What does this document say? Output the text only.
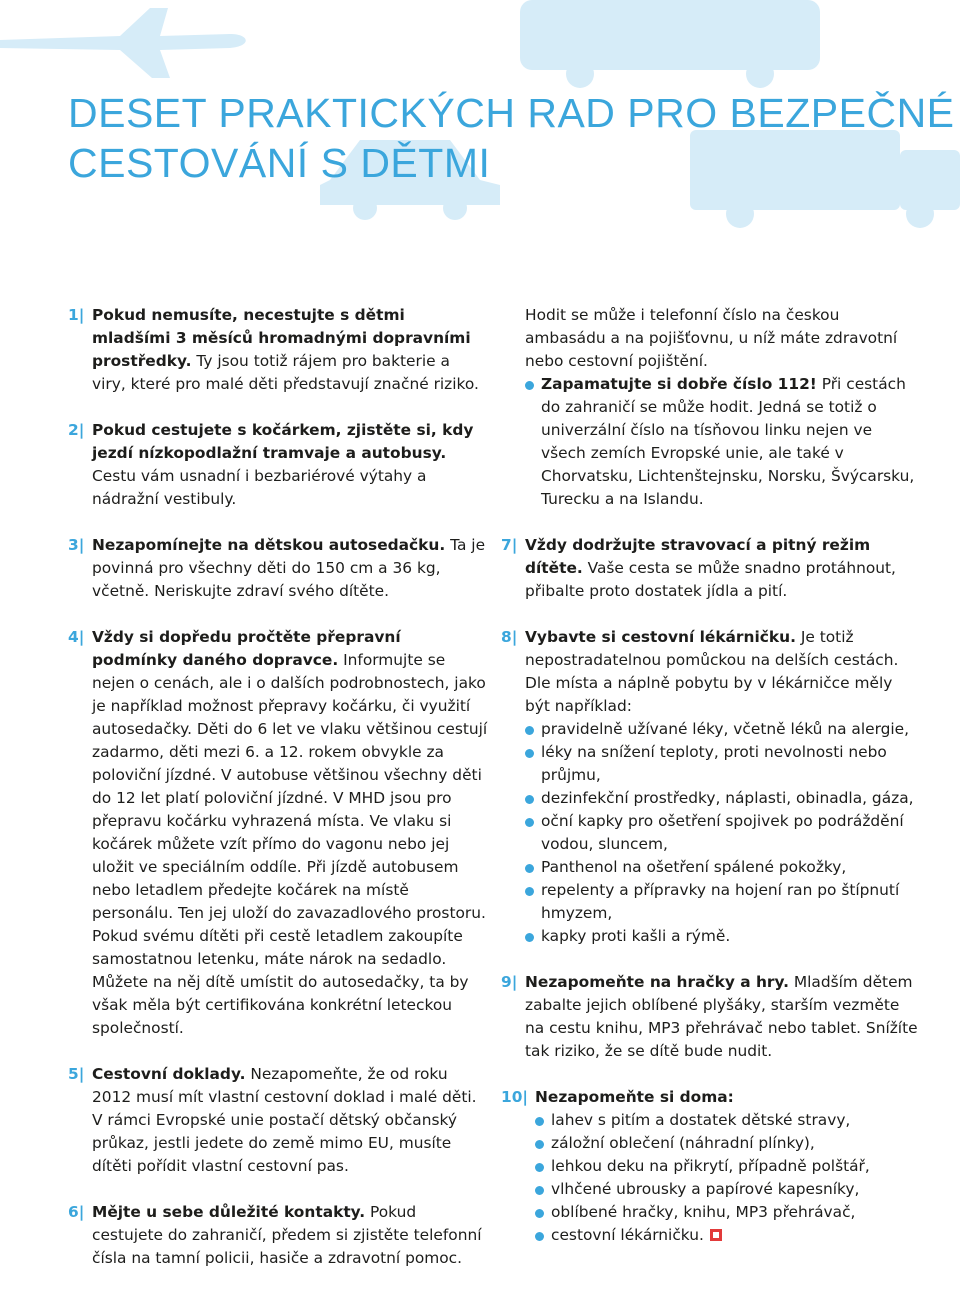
DESET PRAKTICKÝCH RAD PRO BEZPEČNÉ
CESTOVÁNÍ S DĚTMI
1| Pokud nemusíte, necestujte s dětmi mladšími 3 měsíců hromadnými dopravními prostředky. Ty jsou totiž rájem pro bakterie a viry, které pro malé děti představují značné riziko.

2| Pokud cestujete s kočárkem, zjistěte si, kdy jezdí nízkopodlažní tramvaje a autobusy. Cestu vám usnadní i bezbariérové výtahy a nádražní vestibuly.

3| Nezapomínejte na dětskou autosedačku. Ta je povinná pro všechny děti do 150 cm a 36 kg, včetně. Neriskujte zdraví svého dítěte.

4| Vždy si dopředu pročtěte přepravní podmínky daného dopravce. Informujte se nejen o cenách, ale i o dalších podrobnostech, jako je například možnost přepravy kočárku, či využití autosedačky. Děti do 6 let ve vlaku většinou cestují zadarmo, děti mezi 6. a 12. rokem obvykle za poloviční jízdné. V autobuse většinou všechny děti do 12 let platí poloviční jízdné. V MHD jsou pro přepravu kočárku vyhrazená místa. Ve vlaku si kočárek můžete vzít přímo do vagonu nebo jej uložit ve speciálním oddíle. Při jízdě autobusem nebo letadlem předejte kočárek na místě personálu. Ten jej uloží do zavazadlového prostoru. Pokud svému dítěti při cestě letadlem zakoupíte samostatnou letenku, máte nárok na sedadlo. Můžete na něj dítě umístit do autosedačky, ta by však měla být certifikována konkrétní leteckou společností.

5| Cestovní doklady. Nezapomeňte, že od roku 2012 musí mít vlastní cestovní doklad i malé děti. V rámci Evropské unie postačí dětský občanský průkaz, jestli jedete do země mimo EU, musíte dítěti pořídit vlastní cestovní pas.

6| Mějte u sebe důležité kontakty. Pokud cestujete do zahraničí, předem si zjistěte telefonní čísla na tamní policii, hasiče a zdravotní pomoc.

Hodit se může i telefonní číslo na českou ambasádu a na pojišťovnu, u níž máte zdravotní nebo cestovní pojištění.

Zapamatujte si dobře číslo 112! Při cestách do zahraničí se může hodit. Jedná se totiž o univerzální číslo na tísňovou linku nejen ve všech zemích Evropské unie, ale také v Chorvatsku, Lichtenštejnsku, Norsku, Švýcarsku, Turecku a na Islandu.
7| Vždy dodržujte stravovací a pitný režim dítěte. Vaše cesta se může snadno protáhnout, přibalte proto dostatek jídla a pití.

8| Vybavte si cestovní lékárničku. Je totiž nepostradatelnou pomůckou na delších cestách. Dle místa a náplně pobytu by v lékárničce měly být například:

pravidelně užívané léky, včetně léků na alergie,
léky na snížení teploty, proti nevolnosti nebo průjmu,
dezinfekční prostředky, náplasti, obinadla, gáza,
oční kapky pro ošetření spojivek po podráždění vodou, sluncem,
Panthenol na ošetření spálené pokožky,
repelenty a přípravky na hojení ran po štípnutí hmyzem,
kapky proti kašli a rýmě.
9| Nezapomeňte na hračky a hry. Mladším dětem zabalte jejich oblíbené plyšáky, starším vezměte na cestu knihu, MP3 přehrávač nebo tablet. Snížíte tak riziko, že se dítě bude nudit.

10| Nezapomeňte si doma:

lahev s pitím a dostatek dětské stravy,
záložní oblečení (náhradní plínky),
lehkou deku na přikrytí, případně polštář,
vlhčené ubrousky a papírové kapesníky,
oblíbené hračky, knihu, MP3 přehrávač,
cestovní lékárničku.
